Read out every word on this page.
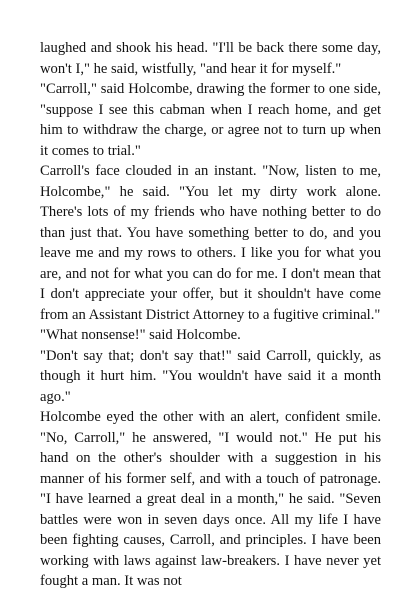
laughed and shook his head. "I'll be back there some day, won't I," he said, wistfully, "and hear it for myself."

"Carroll," said Holcombe, drawing the former to one side, "suppose I see this cabman when I reach home, and get him to withdraw the charge, or agree not to turn up when it comes to trial."

Carroll's face clouded in an instant. "Now, listen to me, Holcombe," he said. "You let my dirty work alone. There's lots of my friends who have nothing better to do than just that. You have something better to do, and you leave me and my rows to others. I like you for what you are, and not for what you can do for me. I don't mean that I don't appreciate your offer, but it shouldn't have come from an Assistant District Attorney to a fugitive criminal."

"What nonsense!" said Holcombe.

"Don't say that; don't say that!" said Carroll, quickly, as though it hurt him. "You wouldn't have said it a month ago."

Holcombe eyed the other with an alert, confident smile. "No, Carroll," he answered, "I would not." He put his hand on the other's shoulder with a suggestion in his manner of his former self, and with a touch of patronage. "I have learned a great deal in a month," he said. "Seven battles were won in seven days once. All my life I have been fighting causes, Carroll, and principles. I have been working with laws against law-breakers. I have never yet fought a man. It was not
